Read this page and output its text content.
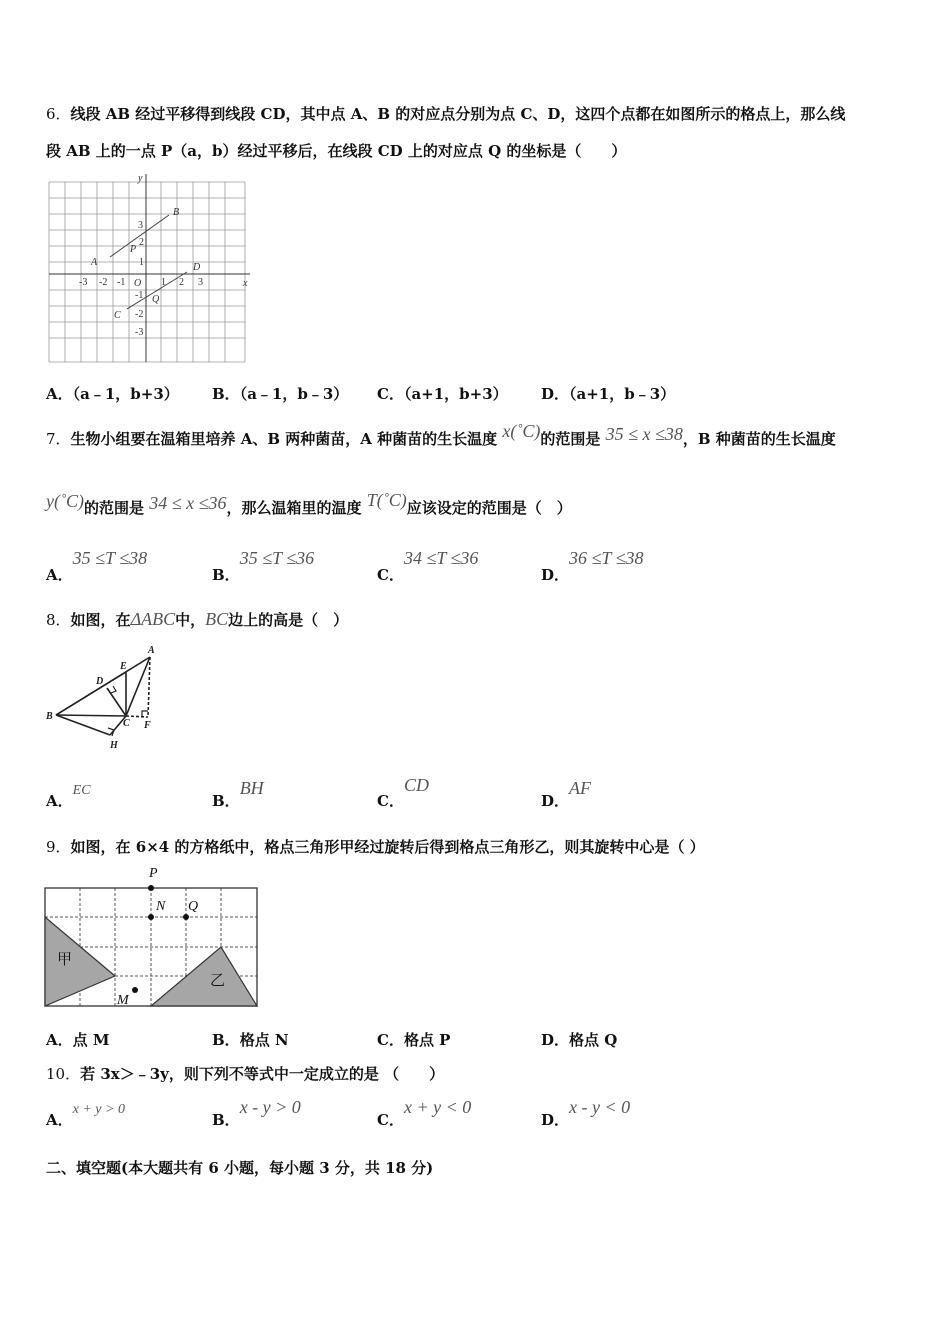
6．线段 AB 经过平移得到线段 CD，其中点 A、B 的对应点分别为点 C、D，这四个点都在如图所示的格点上，那么线
段 AB 上的一点 P（a，b）经过平移后，在线段 CD 上的对应点 Q 的坐标是（　　）
y
x
B
A
P
D
O
Q
C
-3 -2 -1	1 2 3
3
2
1
-1
-2
-3
A．（a﹣1，b+3） B．（a﹣1，b﹣3） C．（a+1，b+3） D．（a+1，b﹣3）
7．生物小组要在温箱里培养 A、B 两种菌苗，A 种菌苗的生长温度 x(˚C)的范围是 35 ≤ x ≤38，B 种菌苗的生长温度
y(˚C)的范围是 34 ≤ x ≤36，那么温箱里的温度 T(˚C)应该设定的范围是（　）
A．35 ≤T ≤38
B．35 ≤T ≤36
C．34 ≤T ≤36
D．36 ≤T ≤38
8．如图，在ΔABC中，BC边上的高是（　）
A
E
D
B
C F
H
A．EC
B．BH
C．CD
D．AF
9．如图，在 6×4 的方格纸中，格点三角形甲经过旋转后得到格点三角形乙，则其旋转中心是（ ）
P
N Q
M
甲
乙
A．点 M	B．格点 N	C．格点 P	D．格点 Q
10．若 3x＞﹣3y，则下列不等式中一定成立的是 （　　）
A．x + y > 0
B．x - y > 0
C．x + y < 0
D．x - y < 0
二、填空题(本大题共有 6 小题，每小题 3 分，共 18 分)
